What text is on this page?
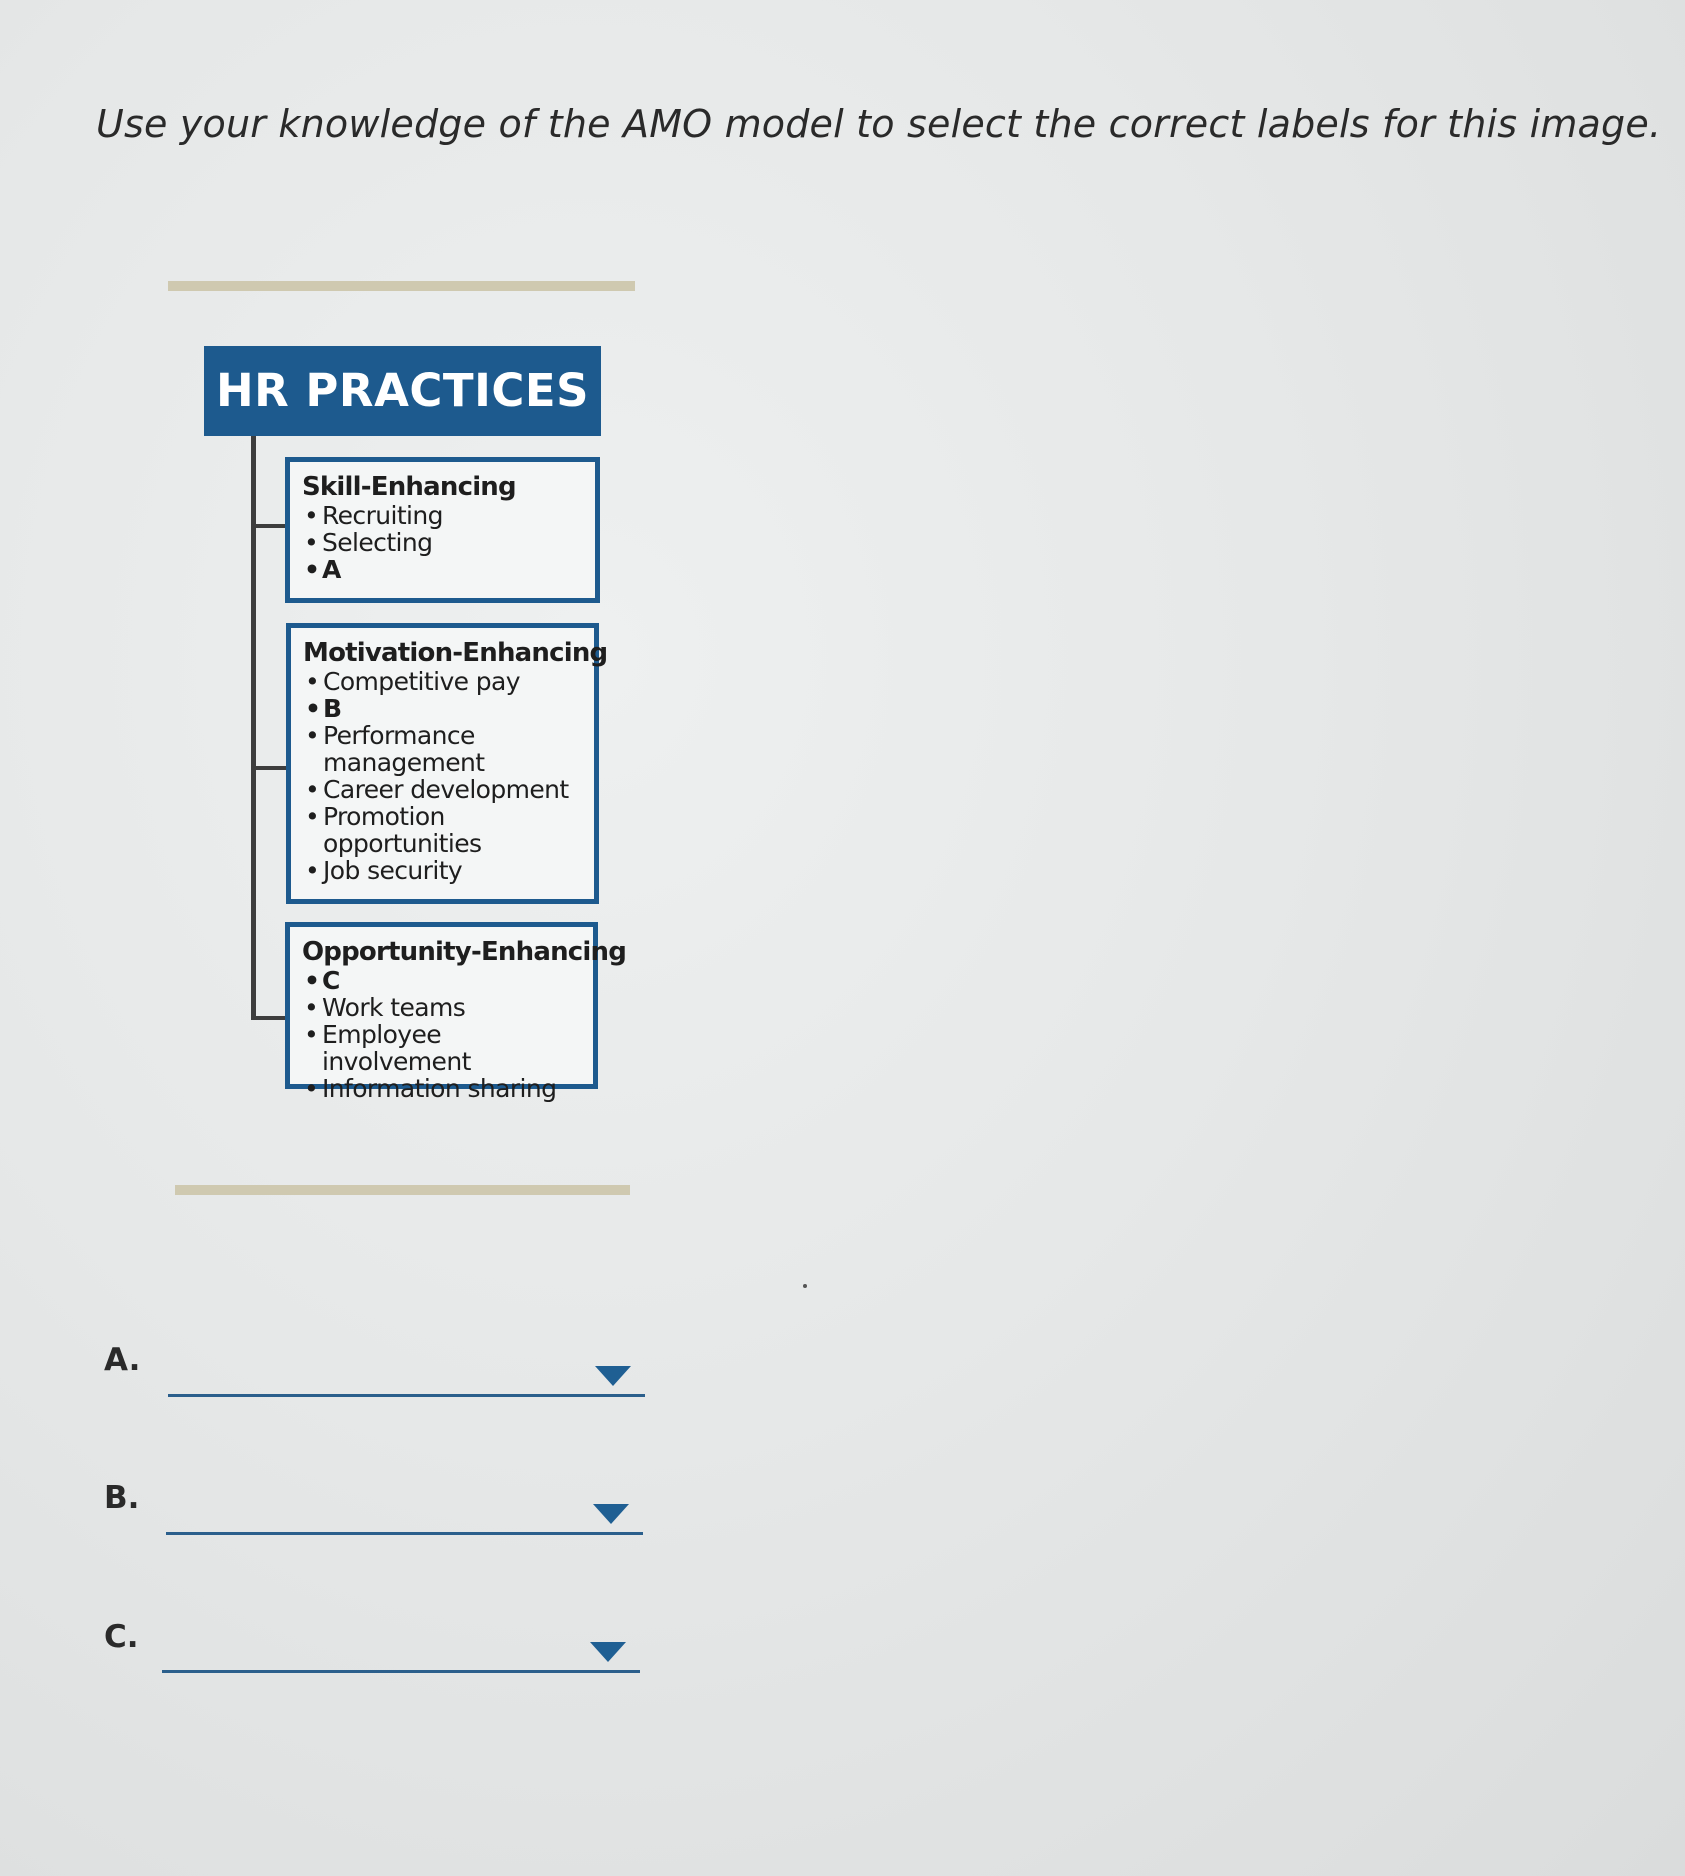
Use your knowledge of the AMO model to select the correct labels for this image.
HR PRACTICES
Skill-Enhancing
• Recruiting
• Selecting
• A
Motivation-Enhancing
• Competitive pay
• B
• Performance management
• Career development
• Promotion opportunities
• Job security
Opportunity-Enhancing
• C
• Work teams
• Employee involvement
• Information sharing
A.
B.
C.
